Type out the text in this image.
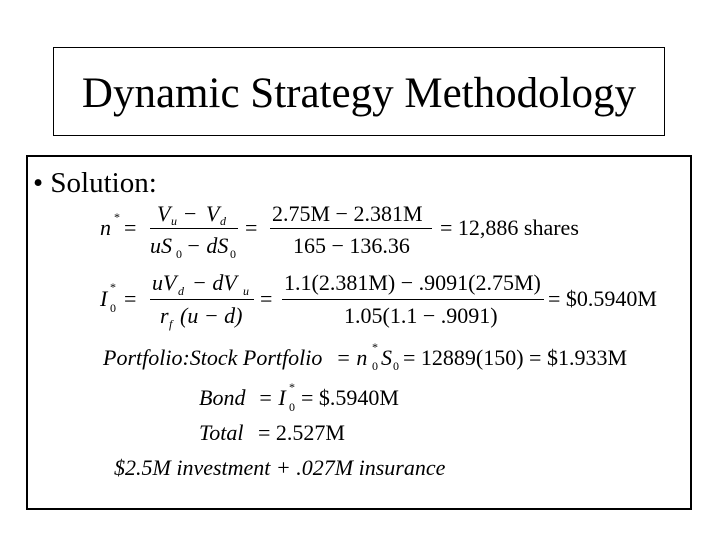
Dynamic Strategy Methodology
• Solution:
n * =
V u − V d
uS 0 − dS 0
=
2.75M − 2.381M
165 − 136.36
= 12,886 shares
I *
0 =
uV d − dV u
r f (u − d)
=
1.1(2.381M) − .9091(2.75M)
1.05(1.1 − .9091)
= $0.5940M
Portfolio:Stock Portfolio = n *
0 S 0 = 12889(150) = $1.933M
Bond = I *
0 = $.5940M
Total = 2.527M
$2.5M investment + .027M insurance
